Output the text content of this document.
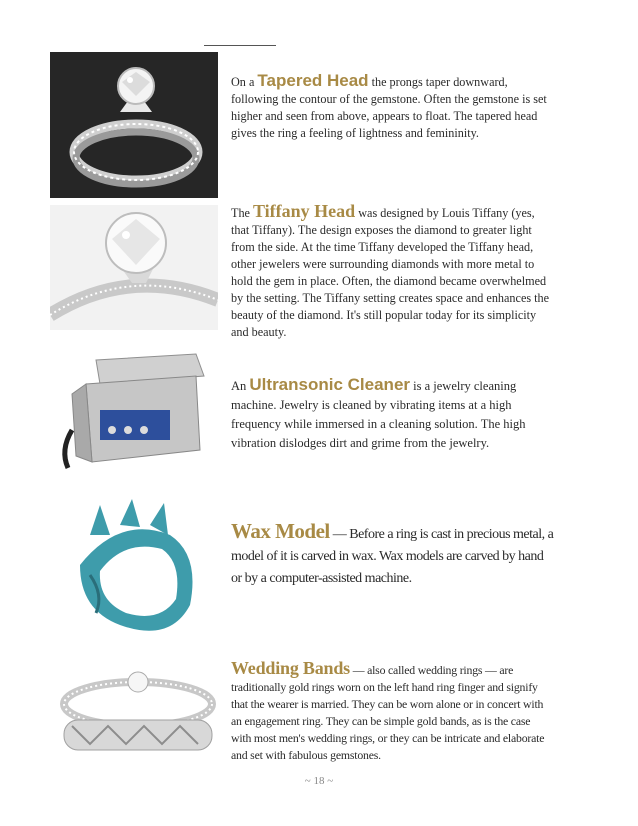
On a Tapered Head the prongs taper downward, following the contour of the gemstone. Often the gemstone is set higher and seen from above, appears to float. The tapered head gives the ring a feeling of lightness and femininity.
The Tiffany Head was designed by Louis Tiffany (yes, that Tiffany). The design exposes the diamond to greater light from the side. At the time Tiffany developed the Tiffany head, other jewelers were surrounding diamonds with more metal to hold the gem in place. Often, the diamond became overwhelmed by the setting. The Tiffany setting creates space and enhances the beauty of the diamond. It's still popular today for its simplicity and beauty.
An Ultransonic Cleaner is a jewelry cleaning machine. Jewelry is cleaned by vibrating items at a high frequency while immersed in a cleaning solution. The high vibration dislodges dirt and grime from the jewelry.
Wax Model — Before a ring is cast in precious metal, a model of it is carved in wax. Wax models are carved by hand or by a computer-assisted machine.
Wedding Bands — also called wedding rings — are traditionally gold rings worn on the left hand ring finger and signify that the wearer is married. They can be worn alone or in concert with an engagement ring. They can be simple gold bands, as is the case with most men's wedding rings, or they can be intricate and elaborate and set with fabulous gemstones.
~ 18 ~
